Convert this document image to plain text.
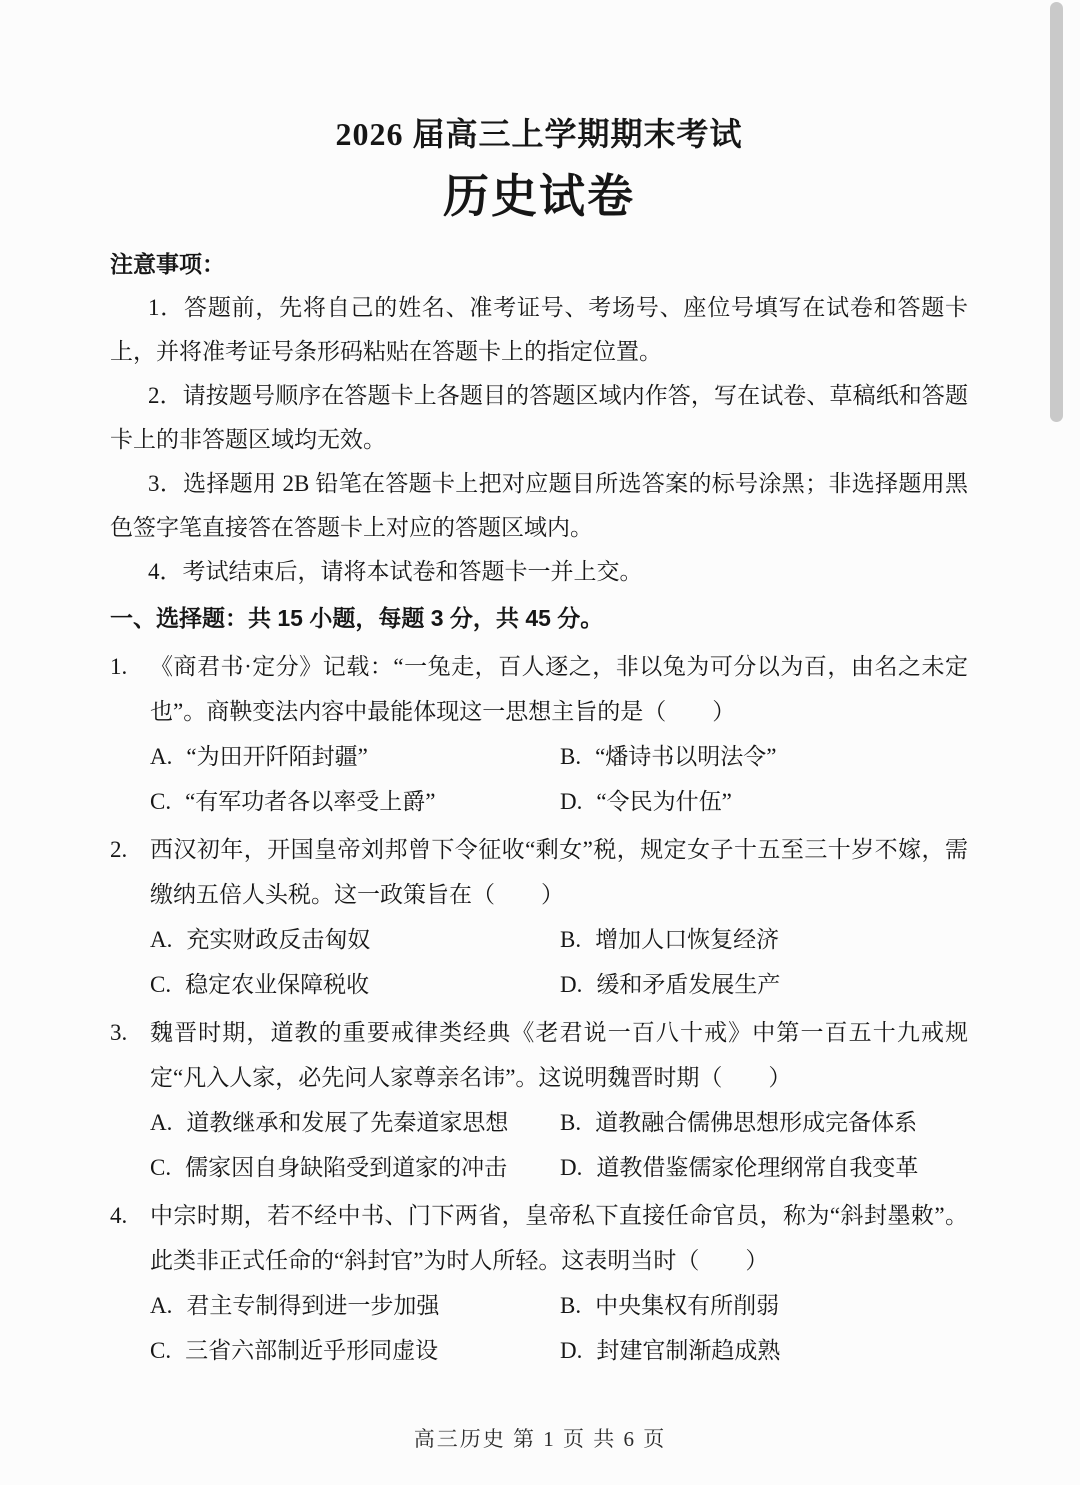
2026 届高三上学期期末考试
历史试卷
注意事项：

1．答题前，先将自己的姓名、准考证号、考场号、座位号填写在试卷和答题卡上，并将准考证号条形码粘贴在答题卡上的指定位置。

2．请按题号顺序在答题卡上各题目的答题区域内作答，写在试卷、草稿纸和答题卡上的非答题区域均无效。

3．选择题用 2B 铅笔在答题卡上把对应题目所选答案的标号涂黑；非选择题用黑色签字笔直接答在答题卡上对应的答题区域内。

4．考试结束后，请将本试卷和答题卡一并上交。

一、选择题：共 15 小题，每题 3 分，共 45 分。
1. 《商君书·定分》记载：“一兔走，百人逐之，非以兔为可分以为百，由名之未定也”。商鞅变法内容中最能体现这一思想主旨的是（　　）
A. “为田开阡陌封疆”	B. “燔诗书以明法令”
C. “有军功者各以率受上爵”	D. “令民为什伍”
2. 西汉初年，开国皇帝刘邦曾下令征收“剩女”税，规定女子十五至三十岁不嫁，需缴纳五倍人头税。这一政策旨在（　　）
A. 充实财政反击匈奴	B. 增加人口恢复经济
C. 稳定农业保障税收	D. 缓和矛盾发展生产
3. 魏晋时期，道教的重要戒律类经典《老君说一百八十戒》中第一百五十九戒规定“凡入人家，必先问人家尊亲名讳”。这说明魏晋时期（　　）
A. 道教继承和发展了先秦道家思想 B. 道教融合儒佛思想形成完备体系
C. 儒家因自身缺陷受到道家的冲击 D. 道教借鉴儒家伦理纲常自我变革
4. 中宗时期，若不经中书、门下两省，皇帝私下直接任命官员，称为“斜封墨敕”。此类非正式任命的“斜封官”为时人所轻。这表明当时（　　）
A. 君主专制得到进一步加强	B. 中央集权有所削弱
C. 三省六部制近乎形同虚设	D. 封建官制渐趋成熟
高三历史 第 1 页 共 6 页
